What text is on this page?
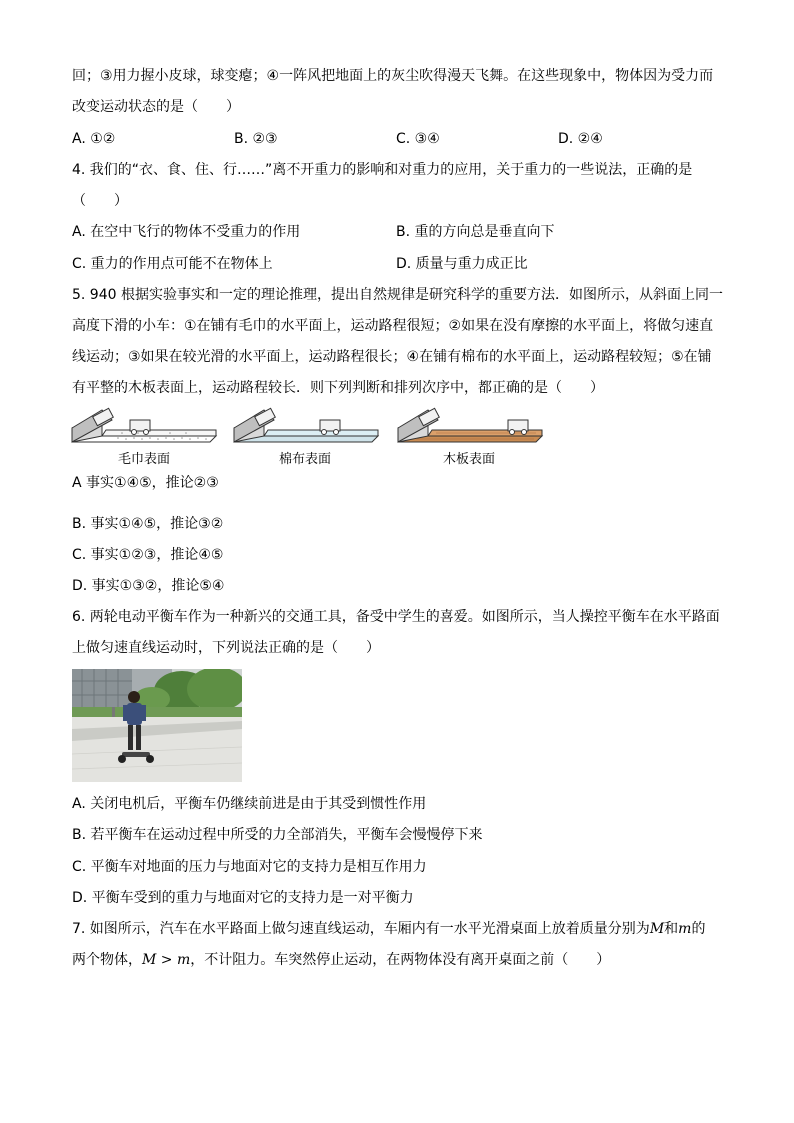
回；③用力握小皮球，球变瘪；④一阵风把地面上的灰尘吹得漫天飞舞。在这些现象中，物体因为受力而
改变运动状态的是（　　）
A. ①②	B. ②③	C. ③④	D. ②④
4. 我们的“衣、食、住、行……”离不开重力的影响和对重力的应用，关于重力的一些说法，正确的是
（　　）
A. 在空中飞行的物体不受重力的作用	B. 重的方向总是垂直向下
C. 重力的作用点可能不在物体上	D. 质量与重力成正比
5. 940 根据实验事实和一定的理论推理，提出自然规律是研究科学的重要方法．如图所示，从斜面上同一
高度下滑的小车：①在铺有毛巾的水平面上，运动路程很短；②如果在没有摩擦的水平面上，将做匀速直
线运动；③如果在较光滑的水平面上，运动路程很长；④在铺有棉布的水平面上，运动路程较短；⑤在铺
有平整的木板表面上，运动路程较长．则下列判断和排列次序中，都正确的是（　　）
毛巾表面	棉布表面	木板表面
A 事实①④⑤，推论②③
B. 事实①④⑤，推论③②
C. 事实①②③，推论④⑤
D. 事实①③②，推论⑤④
6. 两轮电动平衡车作为一种新兴的交通工具，备受中学生的喜爱。如图所示，当人操控平衡车在水平路面
上做匀速直线运动时，下列说法正确的是（　　）
A. 关闭电机后，平衡车仍继续前进是由于其受到惯性作用
B. 若平衡车在运动过程中所受的力全部消失，平衡车会慢慢停下来
C. 平衡车对地面的压力与地面对它的支持力是相互作用力
D. 平衡车受到的重力与地面对它的支持力是一对平衡力
7. 如图所示，汽车在水平路面上做匀速直线运动，车厢内有一水平光滑桌面上放着质量分别为M和m的
两个物体，M > m，不计阻力。车突然停止运动，在两物体没有离开桌面之前（　　）
